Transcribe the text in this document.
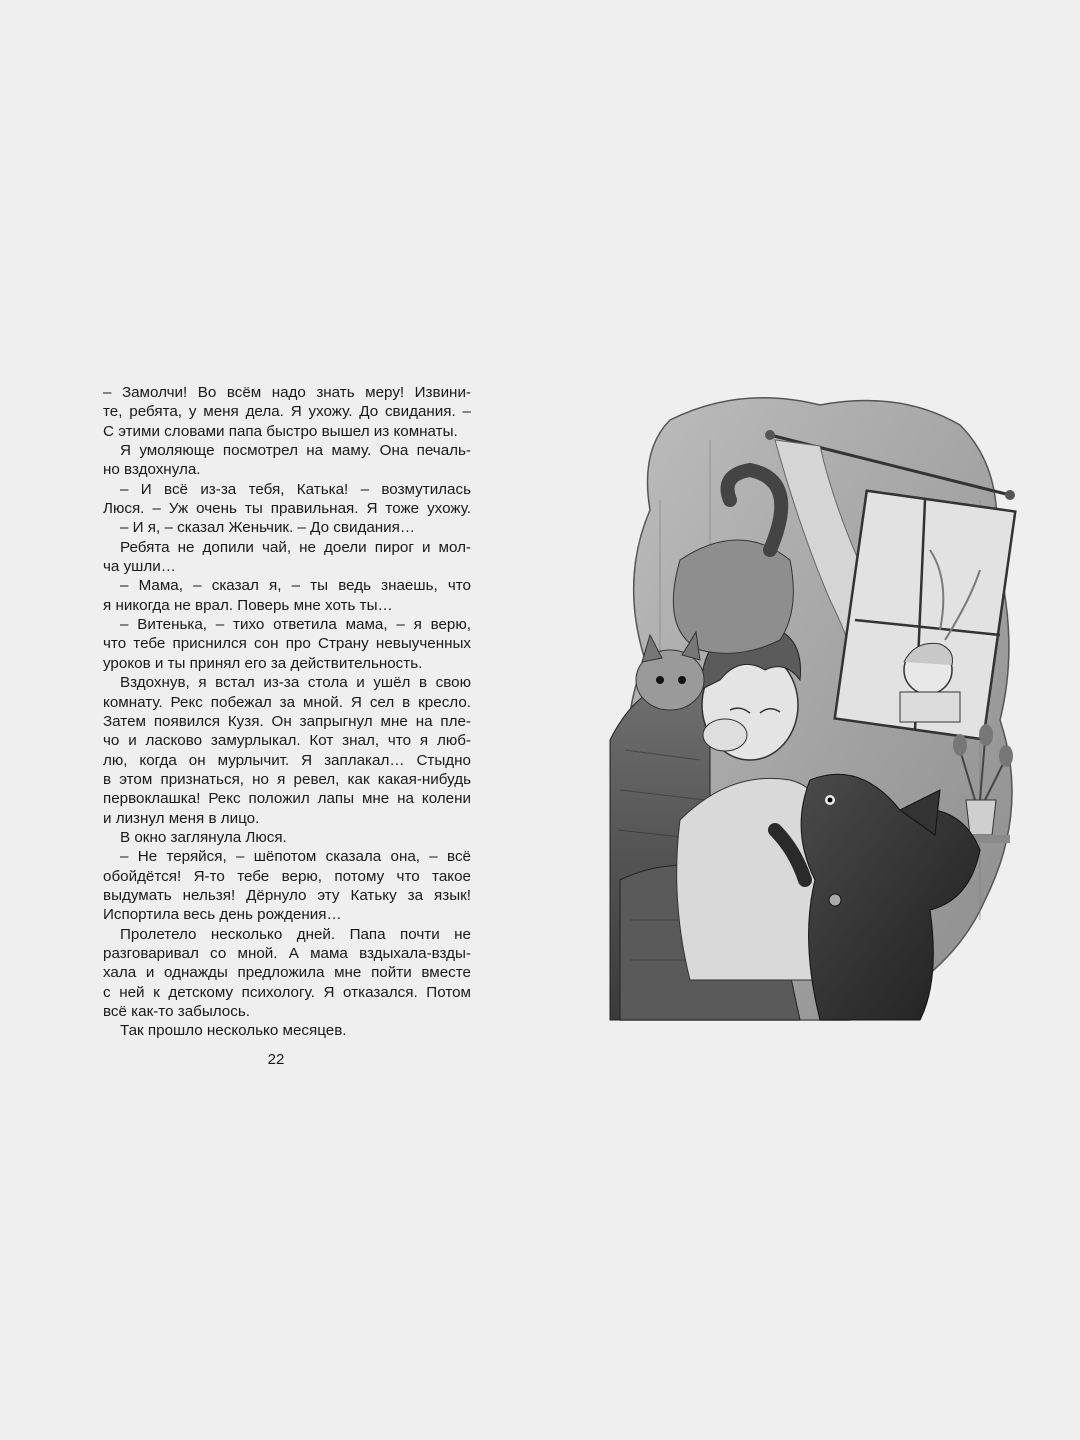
– Замолчи! Во всём надо знать меру! Извини-

те, ребята, у меня дела. Я ухожу. До свидания. –

С этими словами папа быстро вышел из комнаты.

Я умоляюще посмотрел на маму. Она печаль-

но вздохнула.

– И всё из-за тебя, Катька! – возмутилась

Люся. – Уж очень ты правильная. Я тоже ухожу.

– И я, – сказал Женьчик. – До свидания…

Ребята не допили чай, не доели пирог и мол-

ча ушли…

– Мама, – сказал я, – ты ведь знаешь, что

я никогда не врал. Поверь мне хоть ты…

– Витенька, – тихо ответила мама, – я верю,

что тебе приснился сон про Страну невыученных

уроков и ты принял его за действительность.

Вздохнув, я встал из-за стола и ушёл в свою

комнату. Рекс побежал за мной. Я сел в кресло.

Затем появился Кузя. Он запрыгнул мне на пле-

чо и ласково замурлыкал. Кот знал, что я люб-

лю, когда он мурлычит. Я заплакал… Стыдно

в этом признаться, но я ревел, как какая-нибудь

первоклашка! Рекс положил лапы мне на колени

и лизнул меня в лицо.

В окно заглянула Люся.

– Не теряйся, – шёпотом сказала она, – всё

обойдётся! Я-то тебе верю, потому что такое

выдумать нельзя! Дёрнуло эту Катьку за язык!

Испортила весь день рождения…

Пролетело несколько дней. Папа почти не

разговаривал со мной. А мама вздыхала-взды-

хала и однажды предложила мне пойти вместе

с ней к детскому психологу. Я отказался. Потом

всё как-то забылось.

Так прошло несколько месяцев.

22
